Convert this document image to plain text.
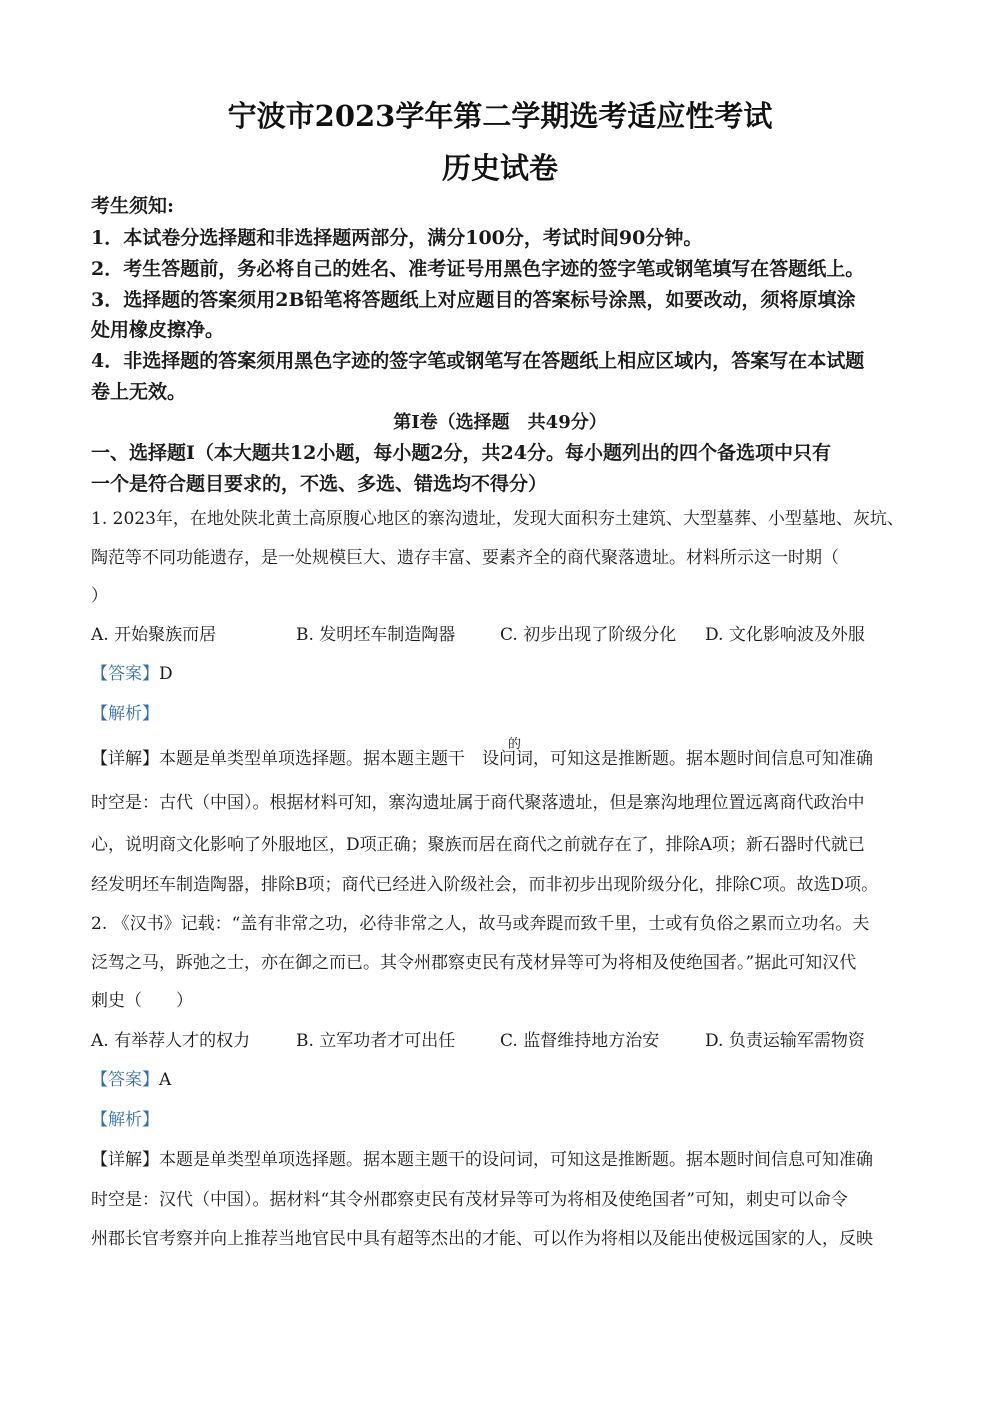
宁波市2023学年第二学期选考适应性考试
历史试卷
考生须知:
1．本试卷分选择题和非选择题两部分，满分100分，考试时间90分钟。
2．考生答题前，务必将自己的姓名、准考证号用黑色字迹的签字笔或钢笔填写在答题纸上。
3．选择题的答案须用2B铅笔将答题纸上对应题目的答案标号涂黑，如要改动，须将原填涂
处用橡皮擦净。
4．非选择题的答案须用黑色字迹的签字笔或钢笔写在答题纸上相应区域内，答案写在本试题
卷上无效。
第Ⅰ卷（选择题　共49分）
一、选择题Ⅰ（本大题共12小题，每小题2分，共24分。每小题列出的四个备选项中只有
一个是符合题目要求的，不选、多选、错选均不得分）
1. 2023年，在地处陕北黄土高原腹心地区的寨沟遗址，发现大面积夯土建筑、大型墓葬、小型墓地、灰坑、
陶范等不同功能遗存，是一处规模巨大、遗存丰富、要素齐全的商代聚落遗址。材料所示这一时期（
）
A. 开始聚族而居	B. 发明坯车制造陶器	C. 初步出现了阶级分化 D. 文化影响波及外服
【答案】D
【解析】
的
【详解】本题是单类型单项选择题。据本题主题干　设问词，可知这是推断题。据本题时间信息可知准确
时空是：古代（中国）。根据材料可知，寨沟遗址属于商代聚落遗址，但是寨沟地理位置远离商代政治中
心，说明商文化影响了外服地区，D项正确；聚族而居在商代之前就存在了，排除A项；新石器时代就已
经发明坯车制造陶器，排除B项；商代已经进入阶级社会，而非初步出现阶级分化，排除C项。故选D项。
2. 《汉书》记载：“盖有非常之功，必待非常之人，故马或奔踶而致千里，士或有负俗之累而立功名。夫
泛驾之马，跅弛之士，亦在御之而已。其令州郡察吏民有茂材异等可为将相及使绝国者。”据此可知汉代
刺史（　　）
A. 有举荐人才的权力	B. 立军功者才可出任	C. 监督维持地方治安	D. 负责运输军需物资
【答案】A
【解析】
【详解】本题是单类型单项选择题。据本题主题干的设问词，可知这是推断题。据本题时间信息可知准确
时空是：汉代（中国）。据材料“其令州郡察吏民有茂材异等可为将相及使绝国者”可知，刺史可以命令
州郡长官考察并向上推荐当地官民中具有超等杰出的才能、可以作为将相以及能出使极远国家的人，反映
